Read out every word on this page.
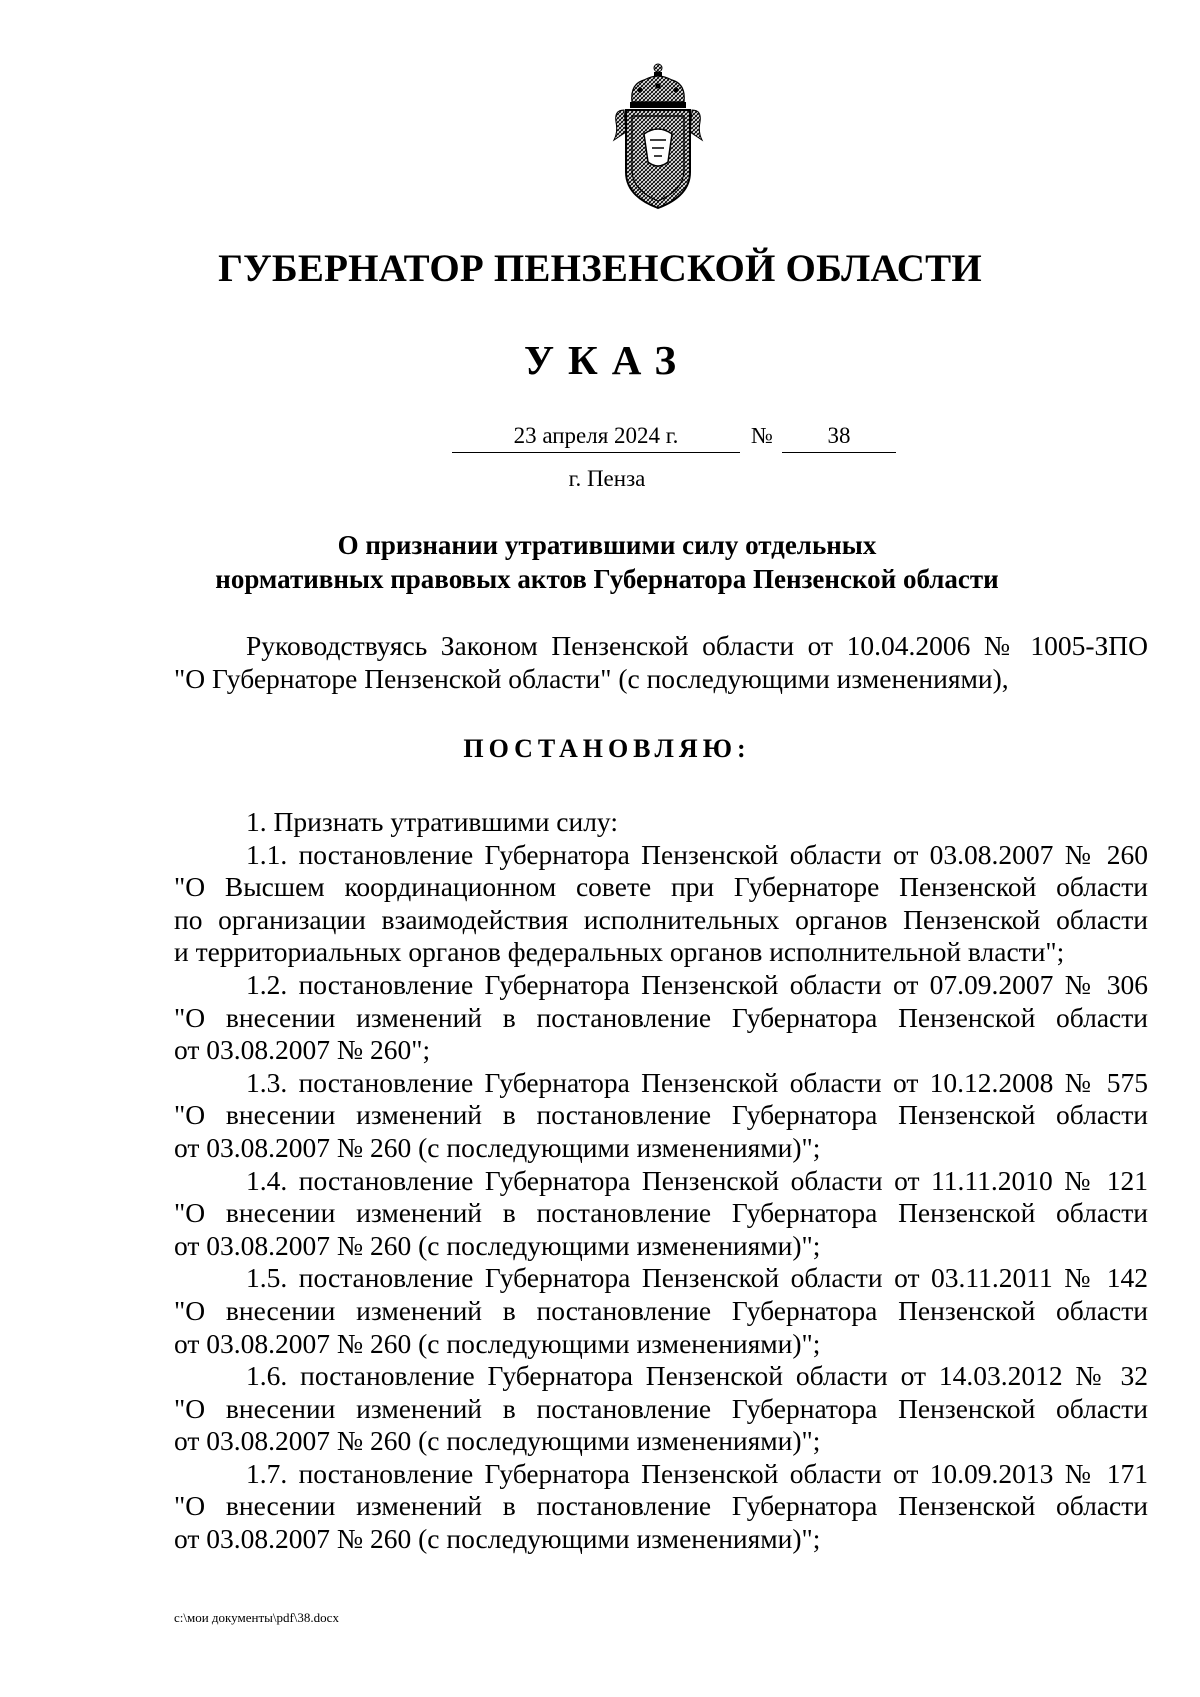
ГУБЕРНАТОР ПЕНЗЕНСКОЙ ОБЛАСТИ
УКАЗ
23 апреля 2024 г.	№	38
г. Пенза
О признании утратившими силу отдельных
нормативных правовых актов Губернатора Пензенской области
Руководствуясь Законом Пензенской области от 10.04.2006 № 1005-ЗПО
"О Губернаторе Пензенской области" (с последующими изменениями),
ПОСТАНОВЛЯЮ:
1. Признать утратившими силу:
1.1. постановление Губернатора Пензенской области от 03.08.2007 № 260
"О Высшем координационном совете при Губернаторе Пензенской области
по организации взаимодействия исполнительных органов Пензенской области
и территориальных органов федеральных органов исполнительной власти";
1.2. постановление Губернатора Пензенской области от 07.09.2007 № 306
"О внесении изменений в постановление Губернатора Пензенской области
от 03.08.2007 № 260";
1.3. постановление Губернатора Пензенской области от 10.12.2008 № 575
"О внесении изменений в постановление Губернатора Пензенской области
от 03.08.2007 № 260 (с последующими изменениями)";
1.4. постановление Губернатора Пензенской области от 11.11.2010 № 121
"О внесении изменений в постановление Губернатора Пензенской области
от 03.08.2007 № 260 (с последующими изменениями)";
1.5. постановление Губернатора Пензенской области от 03.11.2011 № 142
"О внесении изменений в постановление Губернатора Пензенской области
от 03.08.2007 № 260 (с последующими изменениями)";
1.6. постановление Губернатора Пензенской области от 14.03.2012 № 32
"О внесении изменений в постановление Губернатора Пензенской области
от 03.08.2007 № 260 (с последующими изменениями)";
1.7. постановление Губернатора Пензенской области от 10.09.2013 № 171
"О внесении изменений в постановление Губернатора Пензенской области
от 03.08.2007 № 260 (с последующими изменениями)";
c:\мои документы\pdf\38.docx
